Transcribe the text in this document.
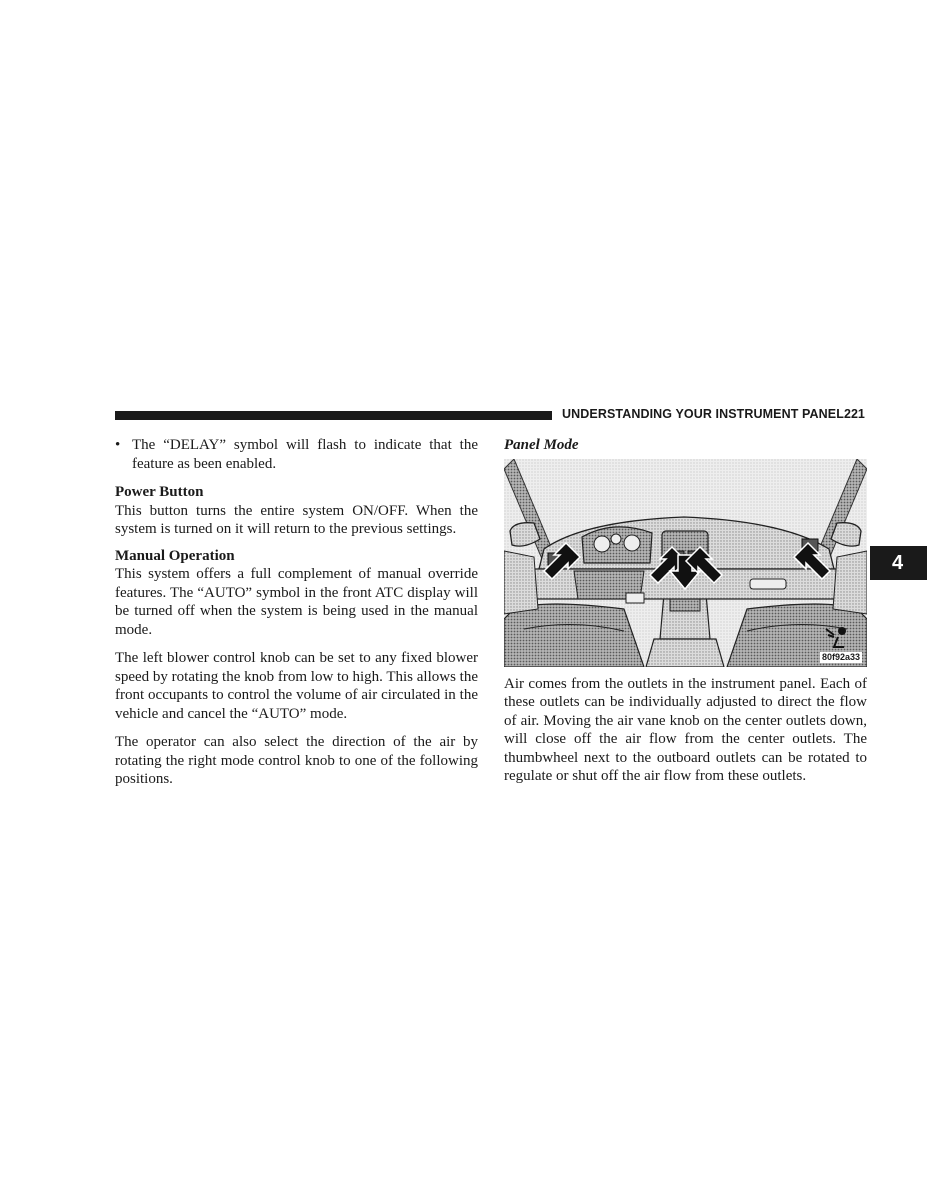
UNDERSTANDING YOUR INSTRUMENT PANEL 221
4
• The “DELAY” symbol will flash to indicate that the feature as been enabled.

Power Button

This button turns the entire system ON/OFF. When the system is turned on it will return to the previous settings.

Manual Operation

This system offers a full complement of manual override features. The “AUTO” symbol in the front ATC display will be turned off when the system is being used in the manual mode.

The left blower control knob can be set to any fixed blower speed by rotating the knob from low to high. This allows the front occupants to control the volume of air circulated in the vehicle and cancel the “AUTO” mode.

The operator can also select the direction of the air by rotating the right mode control knob to one of the following positions.

Panel Mode
80f92a33

Air comes from the outlets in the instrument panel. Each of these outlets can be individually adjusted to direct the flow of air. Moving the air vane knob on the center outlets down, will close off the air flow from the center outlets. The thumbwheel next to the outboard outlets can be rotated to regulate or shut off the air flow from these outlets.
